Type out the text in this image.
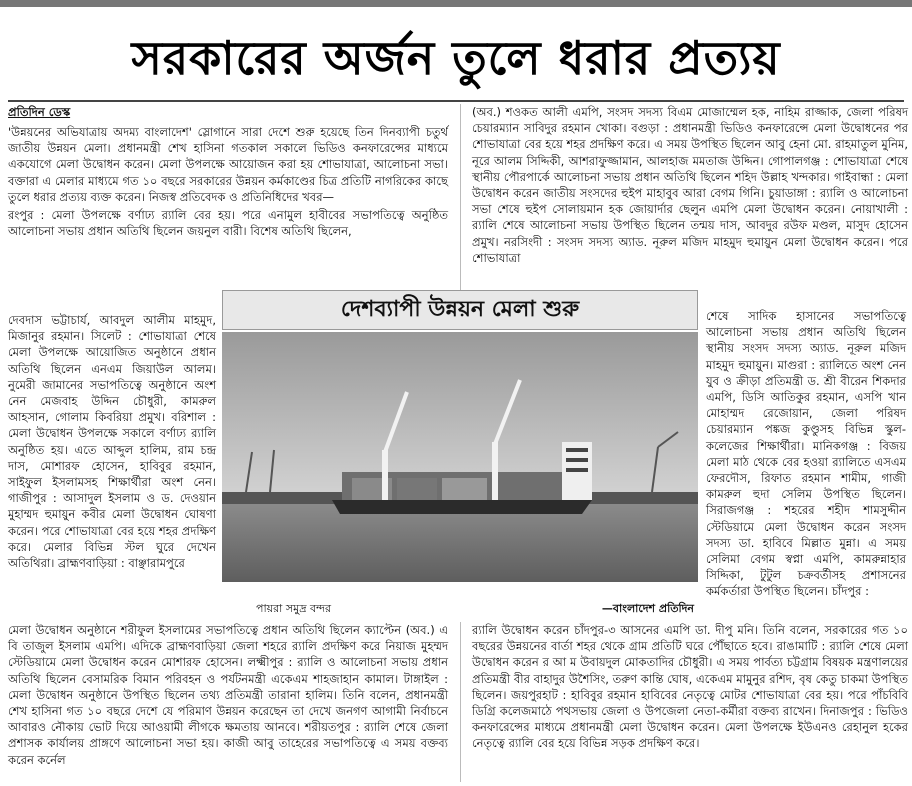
সরকারের অর্জন তুলে ধরার প্রত্যয়
প্রতিদিন ডেস্ক
'উন্নয়নের অভিযাত্রায় অদম্য বাংলাদেশ' স্লোগানে সারা দেশে শুরু হয়েছে তিন দিনব্যাপী চতুর্থ জাতীয় উন্নয়ন মেলা। প্রধানমন্ত্রী শেখ হাসিনা গতকাল সকালে ভিডিও কনফারেন্সের মাধ্যমে একযোগে মেলা উদ্বোধন করেন। মেলা উপলক্ষে আয়োজন করা হয় শোভাযাত্রা, আলোচনা সভা। বক্তারা এ মেলার মাধ্যমে গত ১০ বছরে সরকারের উন্নয়ন কর্মকাণ্ডের চিত্র প্রতিটি নাগরিকের কাছে তুলে ধরার প্রত্যয় ব্যক্ত করেন। নিজস্ব প্রতিবেদক ও প্রতিনিধিদের খবর—
রংপুর : মেলা উপলক্ষে বর্ণাঢ্য র‌্যালি বের হয়। পরে এনামুল হাবীবের সভাপতিত্বে অনুষ্ঠিত আলোচনা সভায় প্রধান অতিথি ছিলেন জয়নুল বারী। বিশেষ অতিথি ছিলেন,
(অব.) শওকত আলী এমপি, সংসদ সদস্য বিএম মোজাম্মেল হক, নাহিম রাজ্জাক, জেলা পরিষদ চেয়ারম্যান সাবিদুর রহমান খোকা। বগুড়া : প্রধানমন্ত্রী ভিডিও কনফারেন্সে মেলা উদ্বোধনের পর শোভাযাত্রা বের হয়ে শহর প্রদক্ষিণ করে। এ সময় উপস্থিত ছিলেন আবু হেনা মো. রাহমাতুল মুনিম, নূরে আলম সিদ্দিকী, আশরাফুজ্জামান, আলহাজ মমতাজ উদ্দিন। গোপালগঞ্জ : শোভাযাত্রা শেষে স্থানীয় পৌরপার্কে আলোচনা সভায় প্রধান অতিথি ছিলেন শহিদ উল্লাহ খন্দকার। গাইবান্ধা : মেলা উদ্বোধন করেন জাতীয় সংসদের হুইপ মাহাবুব আরা বেগম গিনি। চুয়াডাঙ্গা : র‌্যালি ও আলোচনা সভা শেষে হুইপ সোলায়মান হক জোয়ার্দার ছেলুন এমপি মেলা উদ্বোধন করেন। নোয়াখালী : র‌্যালি শেষে আলোচনা সভায় উপস্থিত ছিলেন তন্ময় দাস, আবদুর রউফ মণ্ডল, মাসুদ হোসেন প্রমুখ। নরসিংদী : সংসদ সদস্য অ্যাড. নূরুল মজিদ মাহমুদ হুমায়ুন মেলা উদ্বোধন করেন। পরে শোভাযাত্রা
দেশব্যাপী উন্নয়ন মেলা শুরু
পায়রা সমুদ্র বন্দর	—বাংলাদেশ প্রতিদিন
দেবদাস ভট্টাচার্য, আবদুল আলীম মাহমুদ, মিজানুর রহমান। সিলেট : শোভাযাত্রা শেষে মেলা উপলক্ষে আয়োজিত অনুষ্ঠানে প্রধান অতিথি ছিলেন এনএম জিয়াউল আলম। নুমেরী জামানের সভাপতিত্বে অনুষ্ঠানে অংশ নেন মেজবাহ উদ্দিন চৌধুরী, কামরুল আহসান, গোলাম কিবরিয়া প্রমুখ। বরিশাল : মেলা উদ্বোধন উপলক্ষে সকালে বর্ণাঢ্য র‌্যালি অনুষ্ঠিত হয়। এতে আব্দুল হালিম, রাম চন্দ্র দাস, মোশারফ হোসেন, হাবিবুর রহমান, সাইফুল ইসলামসহ শিক্ষার্থীরা অংশ নেন। গাজীপুর : আসাদুল ইসলাম ও ড. দেওয়ান মুহাম্মদ হুমায়ুন কবীর মেলা উদ্বোধন ঘোষণা করেন। পরে শোভাযাত্রা বের হয়ে শহর প্রদক্ষিণ করে। মেলার বিভিন্ন স্টল ঘুরে দেখেন অতিথিরা। ব্রাহ্মণবাড়িয়া : বাঞ্ছারামপুরে
শেষে সাদিক হাসানের সভাপতিত্বে আলোচনা সভায় প্রধান অতিথি ছিলেন স্থানীয় সংসদ সদস্য অ্যাড. নূরুল মজিদ মাহমুদ হুমায়ুন। মাগুরা : র‌্যালিতে অংশ নেন যুব ও ক্রীড়া প্রতিমন্ত্রী ড. শ্রী বীরেন শিকদার এমপি, ডিসি আতিকুর রহমান, এসপি খান মোহাম্মদ রেজোয়ান, জেলা পরিষদ চেয়ারম্যান পঙ্কজ কুণ্ডুসহ বিভিন্ন স্কুল-কলেজের শিক্ষার্থীরা। মানিকগঞ্জ : বিজয় মেলা মাঠ থেকে বের হওয়া র‌্যালিতে এসএম ফেরদৌস, রিফাত রহমান শামীম, গাজী কামরুল হুদা সেলিম উপস্থিত ছিলেন। সিরাজগঞ্জ : শহরের শহীদ শামসুদ্দীন স্টেডিয়ামে মেলা উদ্বোধন করেন সংসদ সদস্য ডা. হাবিবে মিল্লাত মুন্না। এ সময় সেলিমা বেগম স্বপ্না এমপি, কামরুন্নাহার সিদ্দিকা, টুটুল চক্রবর্তীসহ প্রশাসনের কর্মকর্তারা উপস্থিত ছিলেন। চাঁদপুর :
মেলা উদ্বোধন অনুষ্ঠানে শরীফুল ইসলামের সভাপতিত্বে প্রধান অতিথি ছিলেন ক্যাপ্টেন (অব.) এ বি তাজুল ইসলাম এমপি। এদিকে ব্রাহ্মণবাড়িয়া জেলা শহরে র‌্যালি প্রদক্ষিণ করে নিয়াজ মুহম্মদ স্টেডিয়ামে মেলা উদ্বোধন করেন মোশারফ হোসেন। লক্ষ্মীপুর : র‌্যালি ও আলোচনা সভায় প্রধান অতিথি ছিলেন বেসামরিক বিমান পরিবহন ও পর্যটনমন্ত্রী একেএম শাহজাহান কামাল। টাঙ্গাইল : মেলা উদ্বোধন অনুষ্ঠানে উপস্থিত ছিলেন তথ্য প্রতিমন্ত্রী তারানা হালিম। তিনি বলেন, প্রধানমন্ত্রী শেখ হাসিনা গত ১০ বছরে দেশে যে পরিমাণ উন্নয়ন করেছেন তা দেখে জনগণ আগামী নির্বাচনে আবারও নৌকায় ভোট দিয়ে আওয়ামী লীগকে ক্ষমতায় আনবে। শরীয়তপুর : র‌্যালি শেষে জেলা প্রশাসক কার্যালয় প্রাঙ্গণে আলোচনা সভা হয়। কাজী আবু তাহেরের সভাপতিত্বে এ সময় বক্তব্য করেন কর্নেল
র‌্যালি উদ্বোধন করেন চাঁদপুর-৩ আসনের এমপি ডা. দীপু মনি। তিনি বলেন, সরকারের গত ১০ বছরের উন্নয়নের বার্তা শহর থেকে গ্রাম প্রতিটি ঘরে পৌঁছাতে হবে। রাঙামাটি : র‌্যালি শেষে মেলা উদ্বোধন করেন র আ ম উবায়দুল মোকতাদির চৌধুরী। এ সময় পার্বত্য চট্টগ্রাম বিষয়ক মন্ত্রণালয়ের প্রতিমন্ত্রী বীর বাহাদুর উশৈসিং, তরুণ কান্তি ঘোষ, একেএম মামুনুর রশিদ, বৃষ কেতু চাকমা উপস্থিত ছিলেন। জয়পুরহাট : হাবিবুর রহমান হাবিবের নেতৃত্বে মোটর শোভাযাত্রা বের হয়। পরে পাঁচবিবি ডিগ্রি কলেজমাঠে পথসভায় জেলা ও উপজেলা নেতা-কর্মীরা বক্তব্য রাখেন। দিনাজপুর : ভিডিও কনফারেন্সের মাধ্যমে প্রধানমন্ত্রী মেলা উদ্বোধন করেন। মেলা উপলক্ষে ইউএনও রেহানুল হকের নেতৃত্বে র‌্যালি বের হয়ে বিভিন্ন সড়ক প্রদক্ষিণ করে।
